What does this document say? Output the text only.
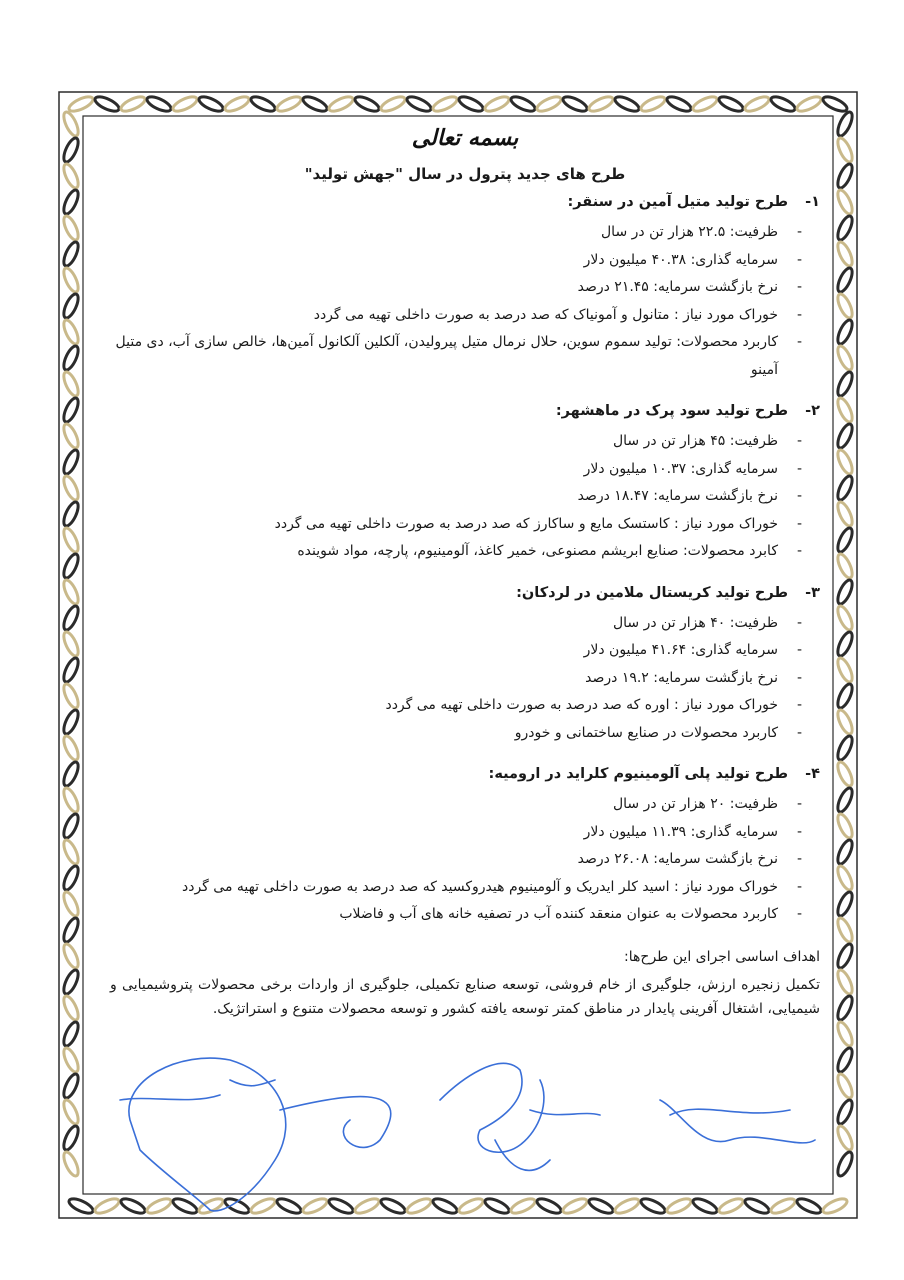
بسمه تعالی
طرح های جدید پترول در سال "جهش تولید"
۱-طرح تولید متیل آمین در سنقر:
- ظرفیت: ۲۲.۵ هزار تن در سال
- سرمایه گذاری: ۴۰.۳۸ میلیون دلار
- نرخ بازگشت سرمایه: ۲۱.۴۵ درصد
- خوراک مورد نیاز : متانول و آمونیاک که صد درصد به صورت داخلی تهیه می گردد
- کاربرد محصولات: تولید سموم سوین، حلال نرمال متیل پیرولیدن، آلکلین آلکانول آمین‌ها، خالص سازی آب، دی متیل آمینو
۲-طرح تولید سود پرک در ماهشهر:
- ظرفیت: ۴۵ هزار تن در سال
- سرمایه گذاری: ۱۰.۳۷ میلیون دلار
- نرخ بازگشت سرمایه: ۱۸.۴۷ درصد
- خوراک مورد نیاز : کاستسک مایع و ساکارز که صد درصد به صورت داخلی تهیه می گردد
- کابرد محصولات: صنایع ابریشم مصنوعی، خمیر کاغذ، آلومینیوم، پارچه، مواد شوینده
۳-طرح تولید کریستال ملامین در لردکان:
- ظرفیت: ۴۰ هزار تن در سال
- سرمایه گذاری: ۴۱.۶۴ میلیون دلار
- نرخ بازگشت سرمایه: ۱۹.۲ درصد
- خوراک مورد نیاز : اوره که صد درصد به صورت داخلی تهیه می گردد
- کاربرد محصولات در صنایع ساختمانی و خودرو
۴-طرح تولید پلی آلومینیوم کلراید در ارومیه:
- ظرفیت: ۲۰ هزار تن در سال
- سرمایه گذاری: ۱۱.۳۹ میلیون دلار
- نرخ بازگشت سرمایه: ۲۶.۰۸ درصد
- خوراک مورد نیاز : اسید کلر ایدریک و آلومینیوم هیدروکسید که صد درصد به صورت داخلی تهیه می گردد
- کاربرد محصولات به عنوان منعقد کننده آب در تصفیه خانه های آب و فاضلاب
اهداف اساسی اجرای این طرح‌ها:

تکمیل زنجیره ارزش، جلوگیری از خام فروشی، توسعه صنایع تکمیلی، جلوگیری از واردات برخی محصولات پتروشیمیایی و شیمیایی، اشتغال آفرینی پایدار در مناطق کمتر توسعه یافته کشور و توسعه محصولات متنوع و استراتژیک.
